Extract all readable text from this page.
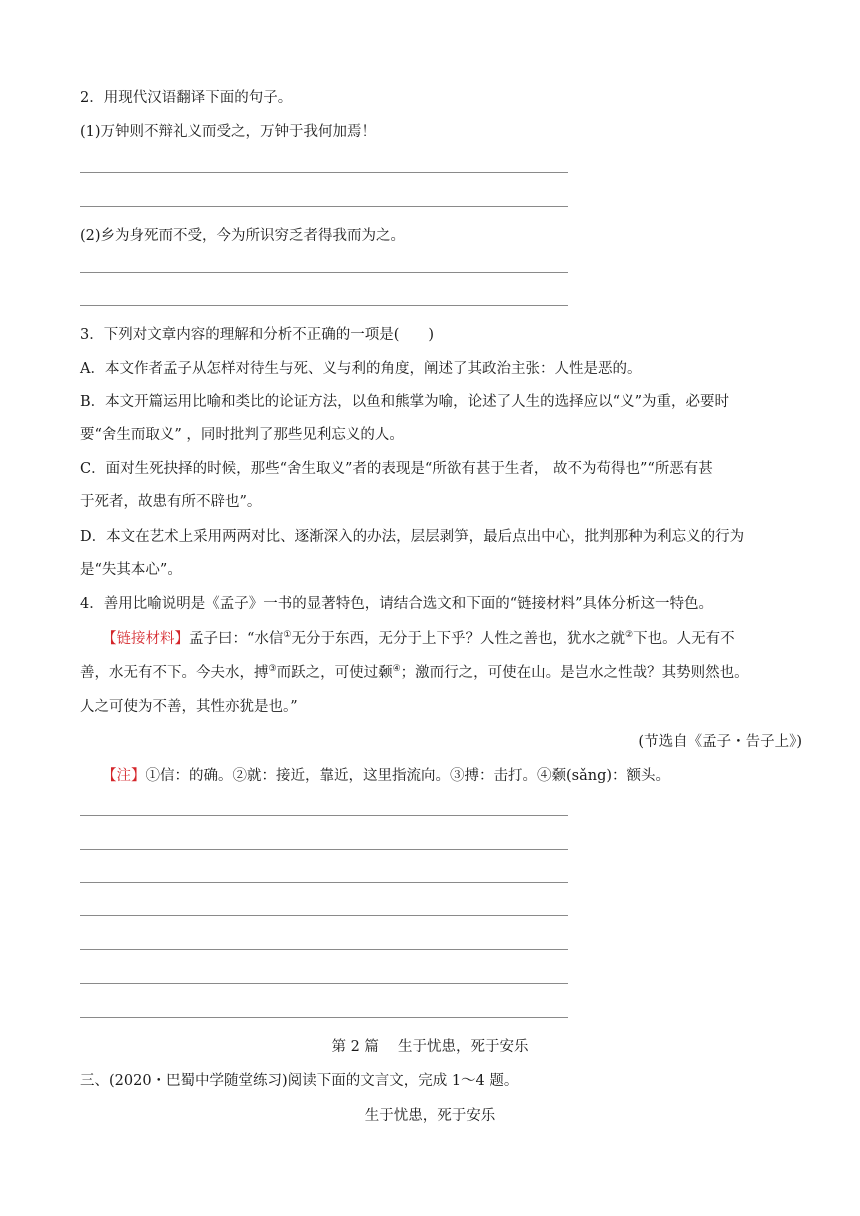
2．用现代汉语翻译下面的句子。
(1)万钟则不辩礼义而受之，万钟于我何加焉！
(2)乡为身死而不受，今为所识穷乏者得我而为之。
3．下列对文章内容的理解和分析不正确的一项是(　　)
A．本文作者孟子从怎样对待生与死、义与利的角度，阐述了其政治主张：人性是恶的。
B．本文开篇运用比喻和类比的论证方法，以鱼和熊掌为喻，论述了人生的选择应以“义”为重，必要时
要“舍生而取义” ，同时批判了那些见利忘义的人。
C．面对生死抉择的时候，那些“舍生取义”者的表现是“所欲有甚于生者， 故不为苟得也”“所恶有甚
于死者，故患有所不辟也”。
D．本文在艺术上采用两两对比、逐渐深入的办法，层层剥笋，最后点出中心，批判那种为利忘义的行为
是“失其本心”。
4．善用比喻说明是《孟子》一书的显著特色，请结合选文和下面的“链接材料”具体分析这一特色。
【链接材料】孟子曰：“水信①无分于东西，无分于上下乎？人性之善也，犹水之就②下也。人无有不
善，水无有不下。今夫水，搏③而跃之，可使过颡④；激而行之，可使在山。是岂水之性哉？其势则然也。
人之可使为不善，其性亦犹是也。”
(节选自《孟子・告子上》)
【注】①信：的确。②就：接近，靠近，这里指流向。③搏：击打。④颡(sǎng)：额头。
第 2 篇　 生于忧患，死于安乐
三、(2020・巴蜀中学随堂练习)阅读下面的文言文，完成 1～4 题。
生于忧患，死于安乐
